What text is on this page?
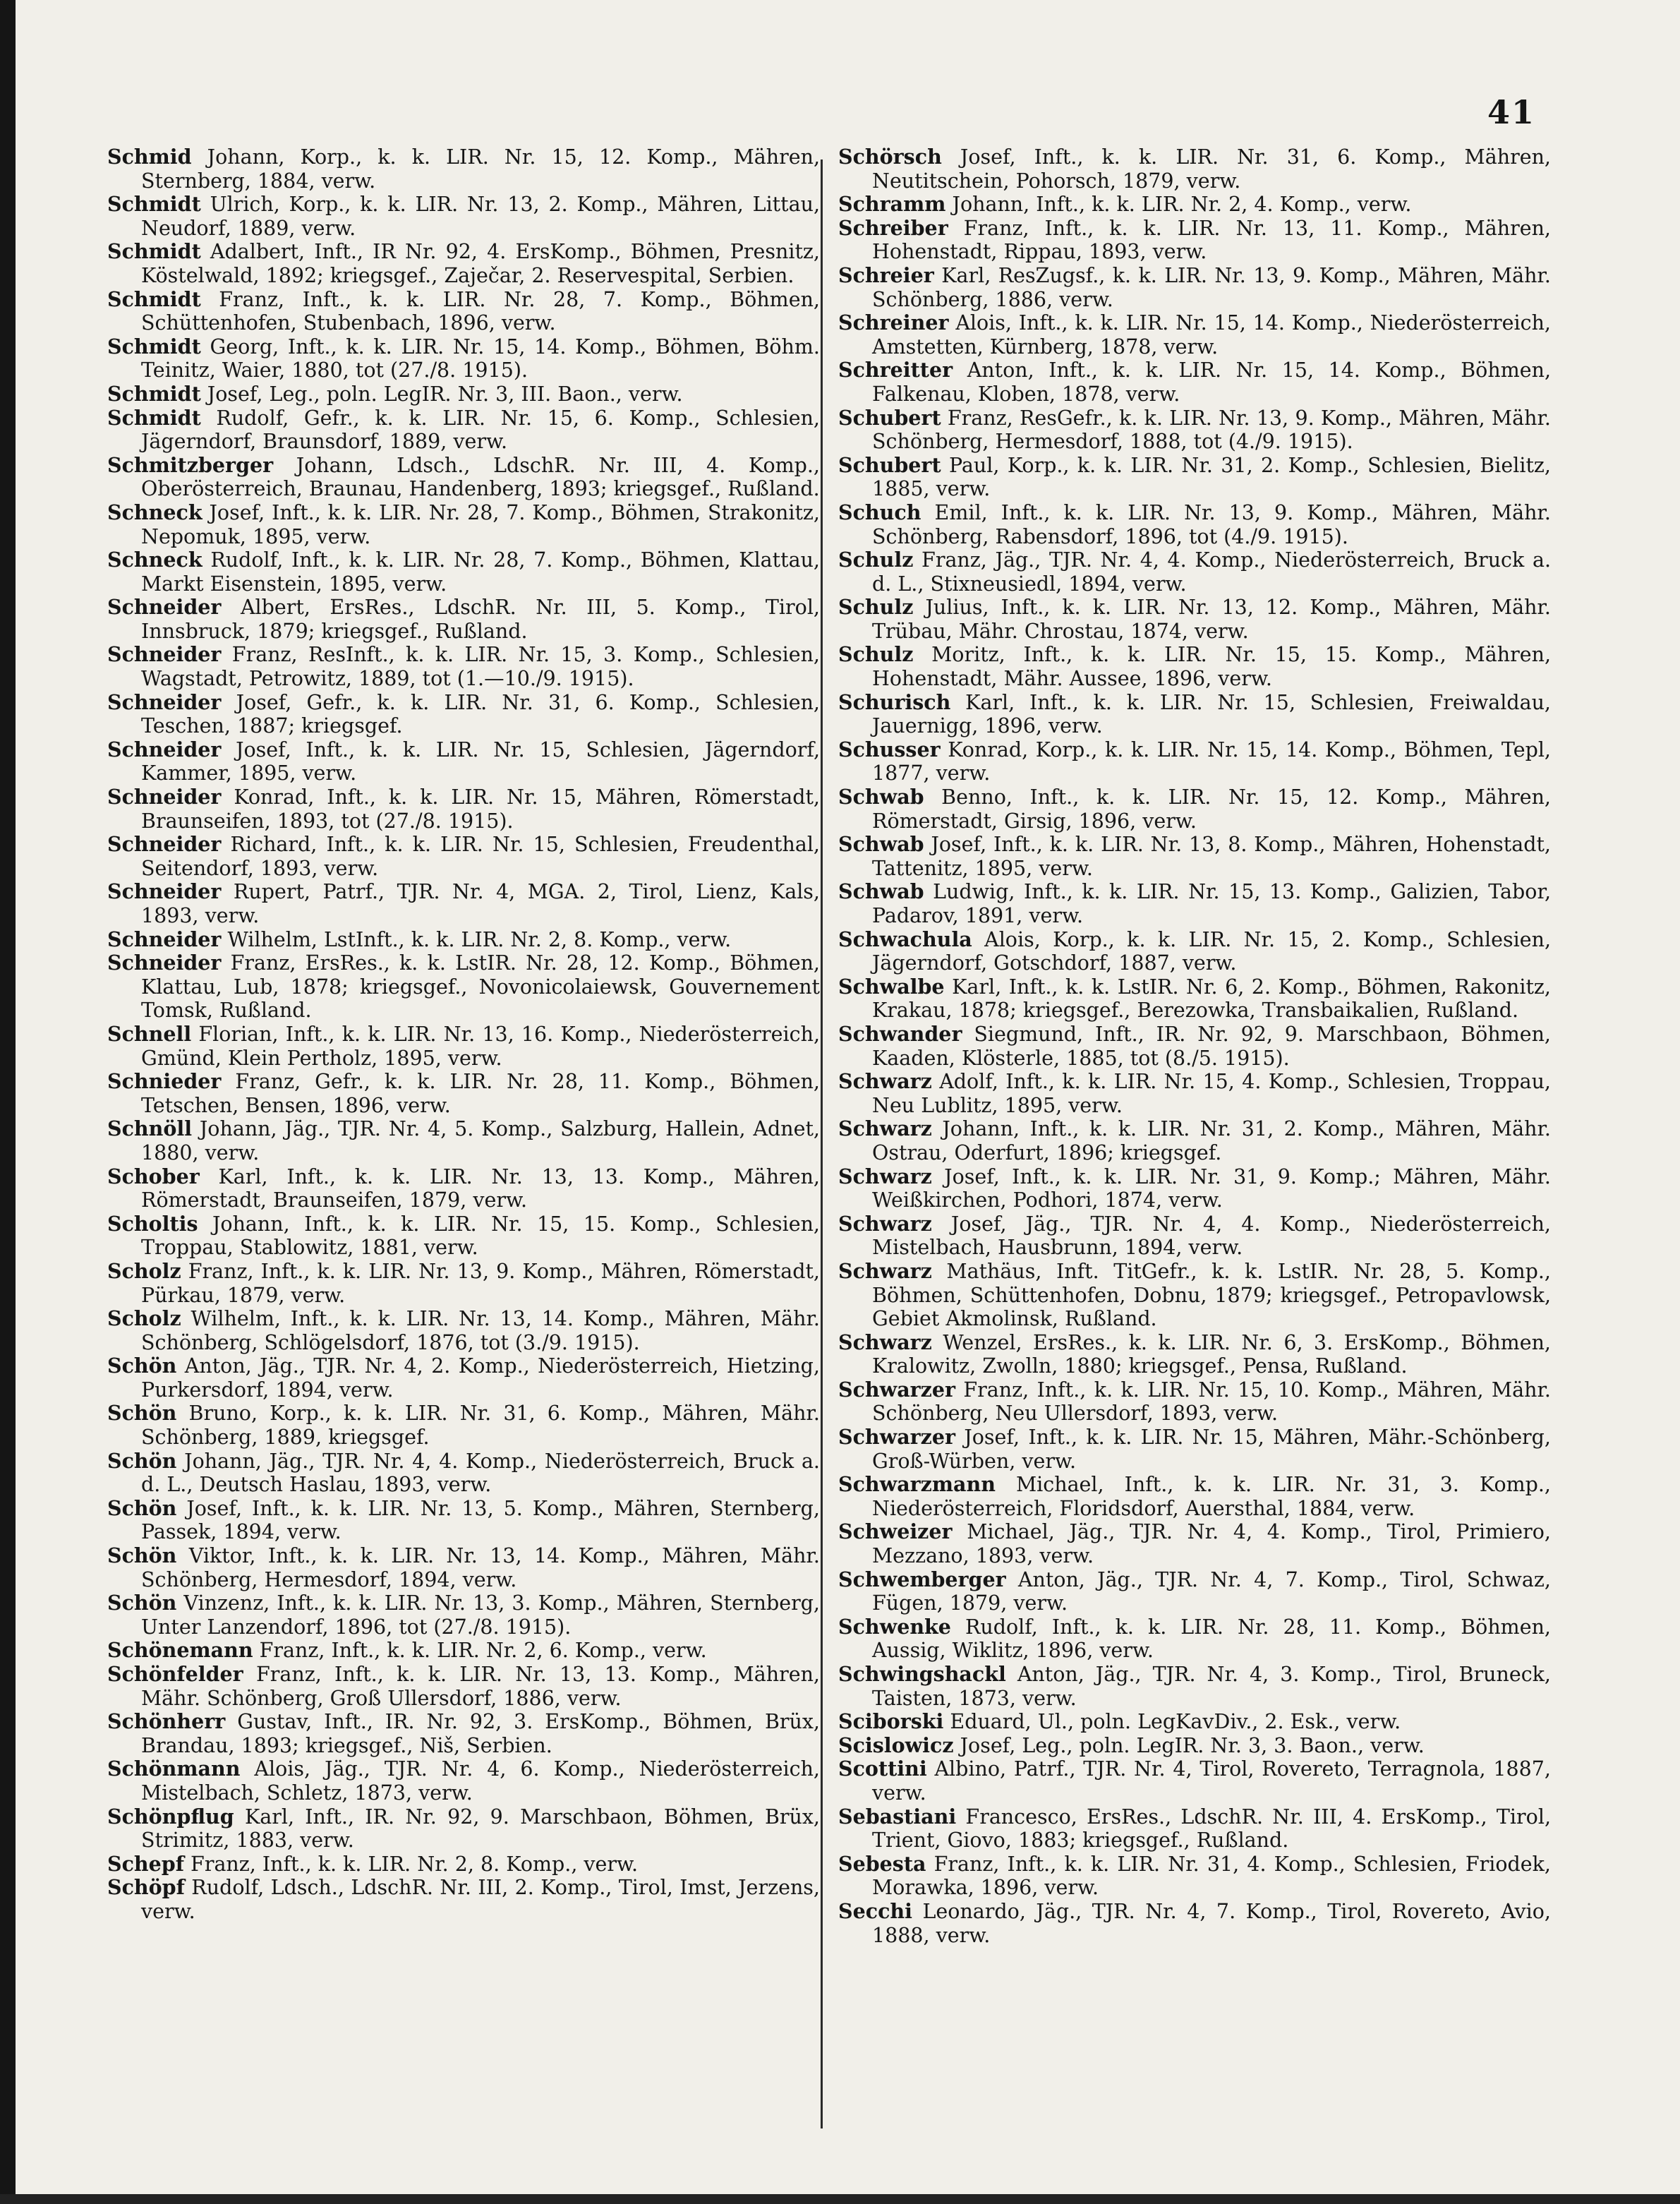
41

Schmid Johann, Korp., k. k. LIR. Nr. 15, 12. Komp., Mähren, Sternberg, 1884, verw.

Schmidt Ulrich, Korp., k. k. LIR. Nr. 13, 2. Komp., Mähren, Littau, Neudorf, 1889, verw.

Schmidt Adalbert, Inft., IR Nr. 92, 4. ErsKomp., Böhmen, Presnitz, Köstelwald, 1892; kriegsgef., Zaječar, 2. Reservespital, Serbien.

Schmidt Franz, Inft., k. k. LIR. Nr. 28, 7. Komp., Böhmen, Schüttenhofen, Stubenbach, 1896, verw.

Schmidt Georg, Inft., k. k. LIR. Nr. 15, 14. Komp., Böhmen, Böhm. Teinitz, Waier, 1880, tot (27./8. 1915).

Schmidt Josef, Leg., poln. LegIR. Nr. 3, III. Baon., verw.

Schmidt Rudolf, Gefr., k. k. LIR. Nr. 15, 6. Komp., Schlesien, Jägerndorf, Braunsdorf, 1889, verw.

Schmitzberger Johann, Ldsch., LdschR. Nr. III, 4. Komp., Oberösterreich, Braunau, Handenberg, 1893; kriegsgef., Rußland.

Schneck Josef, Inft., k. k. LIR. Nr. 28, 7. Komp., Böhmen, Strakonitz, Nepomuk, 1895, verw.

Schneck Rudolf, Inft., k. k. LIR. Nr. 28, 7. Komp., Böhmen, Klattau, Markt Eisenstein, 1895, verw.

Schneider Albert, ErsRes., LdschR. Nr. III, 5. Komp., Tirol, Innsbruck, 1879; kriegsgef., Rußland.

Schneider Franz, ResInft., k. k. LIR. Nr. 15, 3. Komp., Schlesien, Wagstadt, Petrowitz, 1889, tot (1.—10./9. 1915).

Schneider Josef, Gefr., k. k. LIR. Nr. 31, 6. Komp., Schlesien, Teschen, 1887; kriegsgef.

Schneider Josef, Inft., k. k. LIR. Nr. 15, Schlesien, Jägerndorf, Kammer, 1895, verw.

Schneider Konrad, Inft., k. k. LIR. Nr. 15, Mähren, Römerstadt, Braunseifen, 1893, tot (27./8. 1915).

Schneider Richard, Inft., k. k. LIR. Nr. 15, Schlesien, Freudenthal, Seitendorf, 1893, verw.

Schneider Rupert, Patrf., TJR. Nr. 4, MGA. 2, Tirol, Lienz, Kals, 1893, verw.

Schneider Wilhelm, LstInft., k. k. LIR. Nr. 2, 8. Komp., verw.

Schneider Franz, ErsRes., k. k. LstIR. Nr. 28, 12. Komp., Böhmen, Klattau, Lub, 1878; kriegsgef., Novonicolaiewsk, Gouvernement Tomsk, Rußland.

Schnell Florian, Inft., k. k. LIR. Nr. 13, 16. Komp., Niederösterreich, Gmünd, Klein Pertholz, 1895, verw.

Schnieder Franz, Gefr., k. k. LIR. Nr. 28, 11. Komp., Böhmen, Tetschen, Bensen, 1896, verw.

Schnöll Johann, Jäg., TJR. Nr. 4, 5. Komp., Salzburg, Hallein, Adnet, 1880, verw.

Schober Karl, Inft., k. k. LIR. Nr. 13, 13. Komp., Mähren, Römerstadt, Braunseifen, 1879, verw.

Scholtis Johann, Inft., k. k. LIR. Nr. 15, 15. Komp., Schlesien, Troppau, Stablowitz, 1881, verw.

Scholz Franz, Inft., k. k. LIR. Nr. 13, 9. Komp., Mähren, Römerstadt, Pürkau, 1879, verw.

Scholz Wilhelm, Inft., k. k. LIR. Nr. 13, 14. Komp., Mähren, Mähr. Schönberg, Schlögelsdorf, 1876, tot (3./9. 1915).

Schön Anton, Jäg., TJR. Nr. 4, 2. Komp., Niederösterreich, Hietzing, Purkersdorf, 1894, verw.

Schön Bruno, Korp., k. k. LIR. Nr. 31, 6. Komp., Mähren, Mähr. Schönberg, 1889, kriegsgef.

Schön Johann, Jäg., TJR. Nr. 4, 4. Komp., Niederösterreich, Bruck a. d. L., Deutsch Haslau, 1893, verw.

Schön Josef, Inft., k. k. LIR. Nr. 13, 5. Komp., Mähren, Sternberg, Passek, 1894, verw.

Schön Viktor, Inft., k. k. LIR. Nr. 13, 14. Komp., Mähren, Mähr. Schönberg, Hermesdorf, 1894, verw.

Schön Vinzenz, Inft., k. k. LIR. Nr. 13, 3. Komp., Mähren, Sternberg, Unter Lanzendorf, 1896, tot (27./8. 1915).

Schönemann Franz, Inft., k. k. LIR. Nr. 2, 6. Komp., verw.

Schönfelder Franz, Inft., k. k. LIR. Nr. 13, 13. Komp., Mähren, Mähr. Schönberg, Groß Ullersdorf, 1886, verw.

Schönherr Gustav, Inft., IR. Nr. 92, 3. ErsKomp., Böhmen, Brüx, Brandau, 1893; kriegsgef., Niš, Serbien.

Schönmann Alois, Jäg., TJR. Nr. 4, 6. Komp., Niederösterreich, Mistelbach, Schletz, 1873, verw.

Schönpflug Karl, Inft., IR. Nr. 92, 9. Marschbaon, Böhmen, Brüx, Strimitz, 1883, verw.

Schepf Franz, Inft., k. k. LIR. Nr. 2, 8. Komp., verw.

Schöpf Rudolf, Ldsch., LdschR. Nr. III, 2. Komp., Tirol, Imst, Jerzens, verw.

Schörsch Josef, Inft., k. k. LIR. Nr. 31, 6. Komp., Mähren, Neutitschein, Pohorsch, 1879, verw.

Schramm Johann, Inft., k. k. LIR. Nr. 2, 4. Komp., verw.

Schreiber Franz, Inft., k. k. LIR. Nr. 13, 11. Komp., Mähren, Hohenstadt, Rippau, 1893, verw.

Schreier Karl, ResZugsf., k. k. LIR. Nr. 13, 9. Komp., Mähren, Mähr. Schönberg, 1886, verw.

Schreiner Alois, Inft., k. k. LIR. Nr. 15, 14. Komp., Niederösterreich, Amstetten, Kürnberg, 1878, verw.

Schreitter Anton, Inft., k. k. LIR. Nr. 15, 14. Komp., Böhmen, Falkenau, Kloben, 1878, verw.

Schubert Franz, ResGefr., k. k. LIR. Nr. 13, 9. Komp., Mähren, Mähr. Schönberg, Hermesdorf, 1888, tot (4./9. 1915).

Schubert Paul, Korp., k. k. LIR. Nr. 31, 2. Komp., Schlesien, Bielitz, 1885, verw.

Schuch Emil, Inft., k. k. LIR. Nr. 13, 9. Komp., Mähren, Mähr. Schönberg, Rabensdorf, 1896, tot (4./9. 1915).

Schulz Franz, Jäg., TJR. Nr. 4, 4. Komp., Niederösterreich, Bruck a. d. L., Stixneusiedl, 1894, verw.

Schulz Julius, Inft., k. k. LIR. Nr. 13, 12. Komp., Mähren, Mähr. Trübau, Mähr. Chrostau, 1874, verw.

Schulz Moritz, Inft., k. k. LIR. Nr. 15, 15. Komp., Mähren, Hohenstadt, Mähr. Aussee, 1896, verw.

Schurisch Karl, Inft., k. k. LIR. Nr. 15, Schlesien, Freiwaldau, Jauernigg, 1896, verw.

Schusser Konrad, Korp., k. k. LIR. Nr. 15, 14. Komp., Böhmen, Tepl, 1877, verw.

Schwab Benno, Inft., k. k. LIR. Nr. 15, 12. Komp., Mähren, Römerstadt, Girsig, 1896, verw.

Schwab Josef, Inft., k. k. LIR. Nr. 13, 8. Komp., Mähren, Hohenstadt, Tattenitz, 1895, verw.

Schwab Ludwig, Inft., k. k. LIR. Nr. 15, 13. Komp., Galizien, Tabor, Padarov, 1891, verw.

Schwachula Alois, Korp., k. k. LIR. Nr. 15, 2. Komp., Schlesien, Jägerndorf, Gotschdorf, 1887, verw.

Schwalbe Karl, Inft., k. k. LstIR. Nr. 6, 2. Komp., Böhmen, Rakonitz, Krakau, 1878; kriegsgef., Berezowka, Transbaikalien, Rußland.

Schwander Siegmund, Inft., IR. Nr. 92, 9. Marschbaon, Böhmen, Kaaden, Klösterle, 1885, tot (8./5. 1915).

Schwarz Adolf, Inft., k. k. LIR. Nr. 15, 4. Komp., Schlesien, Troppau, Neu Lublitz, 1895, verw.

Schwarz Johann, Inft., k. k. LIR. Nr. 31, 2. Komp., Mähren, Mähr. Ostrau, Oderfurt, 1896; kriegsgef.

Schwarz Josef, Inft., k. k. LIR. Nr. 31, 9. Komp.; Mähren, Mähr. Weißkirchen, Podhori, 1874, verw.

Schwarz Josef, Jäg., TJR. Nr. 4, 4. Komp., Niederösterreich, Mistelbach, Hausbrunn, 1894, verw.

Schwarz Mathäus, Inft. TitGefr., k. k. LstIR. Nr. 28, 5. Komp., Böhmen, Schüttenhofen, Dobnu, 1879; kriegsgef., Petropavlowsk, Gebiet Akmolinsk, Rußland.

Schwarz Wenzel, ErsRes., k. k. LIR. Nr. 6, 3. ErsKomp., Böhmen, Kralowitz, Zwolln, 1880; kriegsgef., Pensa, Rußland.

Schwarzer Franz, Inft., k. k. LIR. Nr. 15, 10. Komp., Mähren, Mähr. Schönberg, Neu Ullersdorf, 1893, verw.

Schwarzer Josef, Inft., k. k. LIR. Nr. 15, Mähren, Mähr.-Schönberg, Groß-Würben, verw.

Schwarzmann Michael, Inft., k. k. LIR. Nr. 31, 3. Komp., Niederösterreich, Floridsdorf, Auersthal, 1884, verw.

Schweizer Michael, Jäg., TJR. Nr. 4, 4. Komp., Tirol, Primiero, Mezzano, 1893, verw.

Schwemberger Anton, Jäg., TJR. Nr. 4, 7. Komp., Tirol, Schwaz, Fügen, 1879, verw.

Schwenke Rudolf, Inft., k. k. LIR. Nr. 28, 11. Komp., Böhmen, Aussig, Wiklitz, 1896, verw.

Schwingshackl Anton, Jäg., TJR. Nr. 4, 3. Komp., Tirol, Bruneck, Taisten, 1873, verw.

Sciborski Eduard, Ul., poln. LegKavDiv., 2. Esk., verw.

Scislowicz Josef, Leg., poln. LegIR. Nr. 3, 3. Baon., verw.

Scottini Albino, Patrf., TJR. Nr. 4, Tirol, Rovereto, Terragnola, 1887, verw.

Sebastiani Francesco, ErsRes., LdschR. Nr. III, 4. ErsKomp., Tirol, Trient, Giovo, 1883; kriegsgef., Rußland.

Sebesta Franz, Inft., k. k. LIR. Nr. 31, 4. Komp., Schlesien, Friodek, Morawka, 1896, verw.

Secchi Leonardo, Jäg., TJR. Nr. 4, 7. Komp., Tirol, Rovereto, Avio, 1888, verw.
